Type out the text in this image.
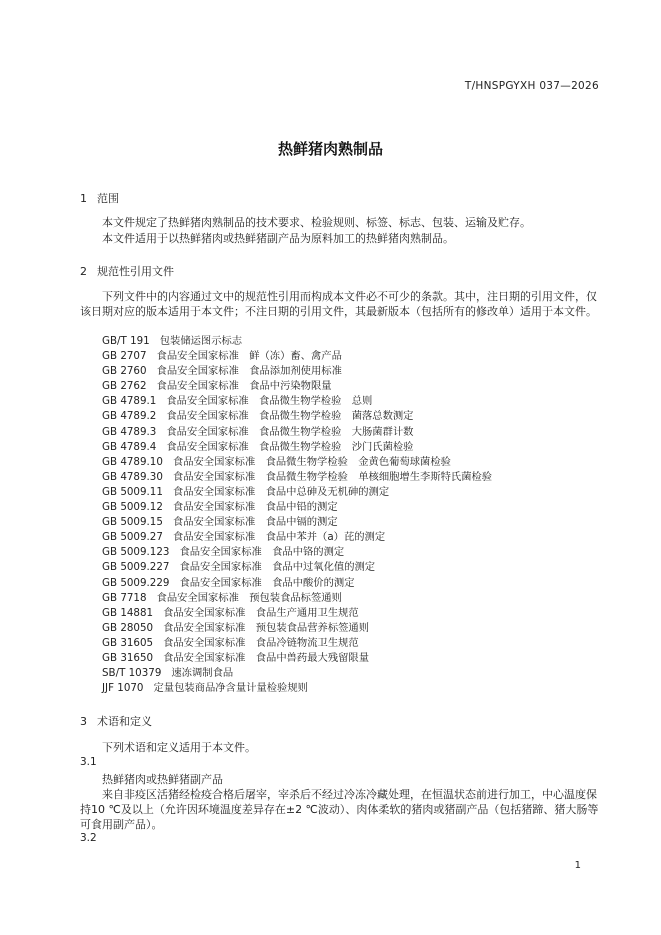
T/HNSPGYXH 037—2026
热鲜猪肉熟制品
1 范围
本文件规定了热鲜猪肉熟制品的技术要求、检验规则、标签、标志、包装、运输及贮存。
本文件适用于以热鲜猪肉或热鲜猪副产品为原料加工的热鲜猪肉熟制品。
2 规范性引用文件
下列文件中的内容通过文中的规范性引用而构成本文件必不可少的条款。其中，注日期的引用文件，仅该日期对应的版本适用于本文件；不注日期的引用文件，其最新版本（包括所有的修改单）适用于本文件。
GB/T 191 包装储运图示标志
GB 2707 食品安全国家标准　鲜（冻）畜、禽产品
GB 2760 食品安全国家标准　食品添加剂使用标准
GB 2762 食品安全国家标准　食品中污染物限量
GB 4789.1 食品安全国家标准　食品微生物学检验　总则
GB 4789.2 食品安全国家标准　食品微生物学检验　菌落总数测定
GB 4789.3 食品安全国家标准　食品微生物学检验　大肠菌群计数
GB 4789.4 食品安全国家标准　食品微生物学检验　沙门氏菌检验
GB 4789.10 食品安全国家标准　食品微生物学检验　金黄色葡萄球菌检验
GB 4789.30 食品安全国家标准　食品微生物学检验　单核细胞增生李斯特氏菌检验
GB 5009.11 食品安全国家标准　食品中总砷及无机砷的测定
GB 5009.12 食品安全国家标准　食品中铅的测定
GB 5009.15 食品安全国家标准　食品中镉的测定
GB 5009.27 食品安全国家标准　食品中苯并（a）芘的测定
GB 5009.123 食品安全国家标准　食品中铬的测定
GB 5009.227 食品安全国家标准　食品中过氧化值的测定
GB 5009.229 食品安全国家标准　食品中酸价的测定
GB 7718 食品安全国家标准　预包装食品标签通则
GB 14881 食品安全国家标准　食品生产通用卫生规范
GB 28050 食品安全国家标准　预包装食品营养标签通则
GB 31605 食品安全国家标准　食品冷链物流卫生规范
GB 31650 食品安全国家标准　食品中兽药最大残留限量
SB/T 10379 速冻调制食品
JJF 1070 定量包装商品净含量计量检验规则
3 术语和定义
下列术语和定义适用于本文件。
3.1
热鲜猪肉或热鲜猪副产品
来自非疫区活猪经检疫合格后屠宰，宰杀后不经过冷冻冷藏处理，在恒温状态前进行加工，中心温度保持10 ℃及以上（允许因环境温度差异存在±2 ℃波动）、肉体柔软的猪肉或猪副产品（包括猪蹄、猪大肠等可食用副产品）。
3.2
1
